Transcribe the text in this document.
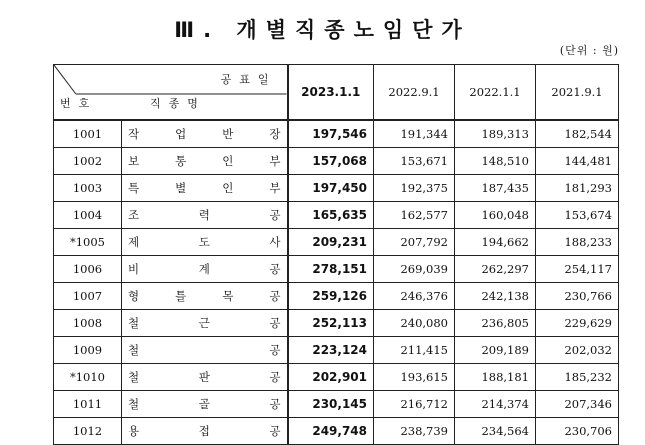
Ⅲ. 개별직종노임단가
(단위 : 원)
공표일
번호 직종명		2023.1.1	2022.9.1	2022.1.1	2021.9.1
1001	작 업 반 장	197,546	191,344	189,313	182,544
1002	보 통 인 부	157,068	153,671	148,510	144,481
1003	특 별 인 부	197,450	192,375	187,435	181,293
1004	조 력 공	165,635	162,577	160,048	153,674
*1005	제 도 사	209,231	207,792	194,662	188,233
1006	비 계 공	278,151	269,039	262,297	254,117
1007	형 틀 목 공	259,126	246,376	242,138	230,766
1008	철 근 공	252,113	240,080	236,805	229,629
1009	철 공	223,124	211,415	209,189	202,032
*1010	철 판 공	202,901	193,615	188,181	185,232
1011	철 골 공	230,145	216,712	214,374	207,346
1012	용 접 공	249,748	238,739	234,564	230,706
